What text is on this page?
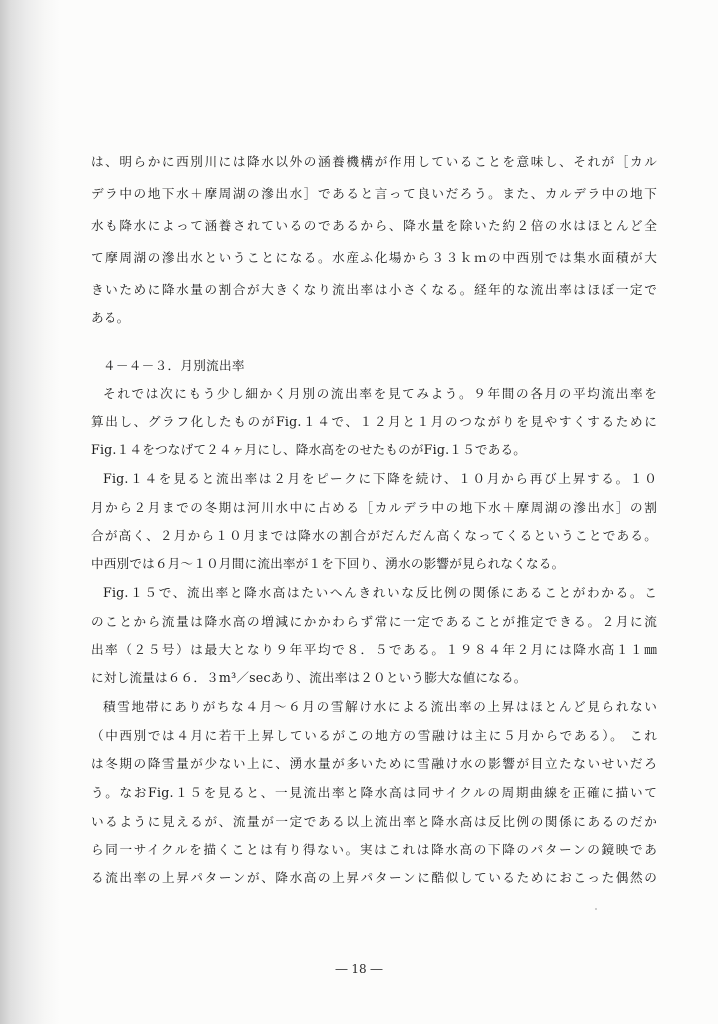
は、明らかに西別川には降水以外の涵養機構が作用していることを意味し、それが［カル
デラ中の地下水＋摩周湖の滲出水］であると言って良いだろう。また、カルデラ中の地下
水も降水によって涵養されているのであるから、降水量を除いた約２倍の水はほとんど全
て摩周湖の滲出水ということになる。水産ふ化場から３３ｋｍの中西別では集水面積が大
きいために降水量の割合が大きくなり流出率は小さくなる。経年的な流出率はほぼ一定で
ある。
４－４－３．月別流出率
それでは次にもう少し細かく月別の流出率を見てみよう。９年間の各月の平均流出率を
算出し、グラフ化したものがFig.１４で、１２月と１月のつながりを見やすくするために
Fig.１４をつなげて２４ヶ月にし、降水高をのせたものがFig.１５である。
Fig.１４を見ると流出率は２月をピークに下降を続け、１０月から再び上昇する。１０
月から２月までの冬期は河川水中に占める［カルデラ中の地下水＋摩周湖の滲出水］の割
合が高く、２月から１０月までは降水の割合がだんだん高くなってくるということである。
中西別では６月～１０月間に流出率が１を下回り、湧水の影響が見られなくなる。
Fig.１５で、流出率と降水高はたいへんきれいな反比例の関係にあることがわかる。こ
のことから流量は降水高の増減にかかわらず常に一定であることが推定できる。２月に流
出率（２５号）は最大となり９年平均で８．５である。１９８４年２月には降水高１１㎜
に対し流量は６６．３m³／secあり、流出率は２０という膨大な値になる。
積雪地帯にありがちな４月～６月の雪解け水による流出率の上昇はほとんど見られない
（中西別では４月に若干上昇しているがこの地方の雪融けは主に５月からである）。 これ
は冬期の降雪量が少ない上に、湧水量が多いために雪融け水の影響が目立たないせいだろ
う。なおFig.１５を見ると、一見流出率と降水高は同サイクルの周期曲線を正確に描いて
いるように見えるが、流量が一定である以上流出率と降水高は反比例の関係にあるのだか
ら同一サイクルを描くことは有り得ない。実はこれは降水高の下降のパターンの鏡映であ
る流出率の上昇パターンが、降水高の上昇パターンに酷似しているためにおこった偶然の
― 18 ―
